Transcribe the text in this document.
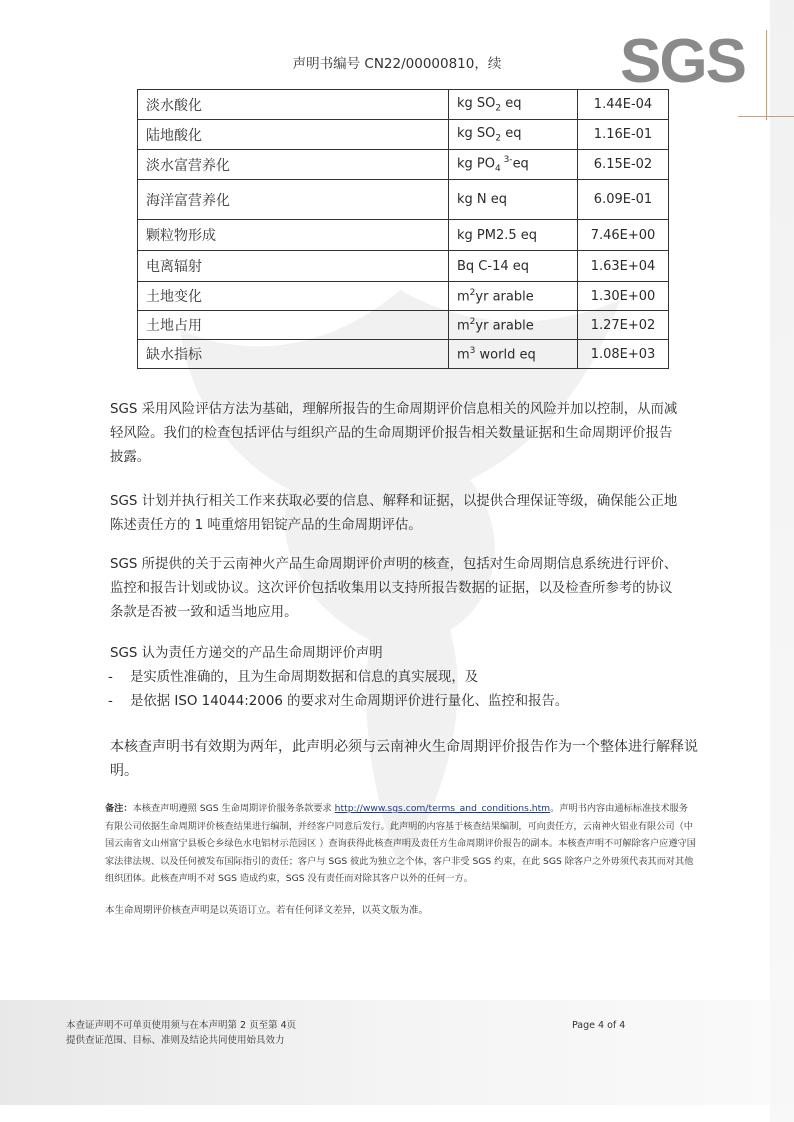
SGS
声明书编号 CN22/00000810，续
淡水酸化	kg $SO_2$ eq	1.44E-04
陆地酸化	kg $SO_2$ eq	1.16E-01
淡水富营养化	kg $PO_4$ $^{3-}$eq	6.15E-02
海洋富营养化	kg N eq	6.09E-01
颗粒物形成	kg PM2.5 eq	7.46E+00
电离辐射	Bq C-14 eq	1.63E+04
土地变化	$m^2yr$ arable	1.30E+00
土地占用	$m^2yr$ arable	1.27E+02
缺水指标	$m^3$ world eq	1.08E+03
SGS 采用风险评估方法为基础，理解所报告的生命周期评价信息相关的风险并加以控制，从而减
轻风险。我们的检查包括评估与组织产品的生命周期评价报告相关数量证据和生命周期评价报告
披露。
SGS 计划并执行相关工作来获取必要的信息、解释和证据，以提供合理保证等级，确保能公正地
陈述责任方的 1 吨重熔用铝锭产品的生命周期评估。
SGS 所提供的关于云南神火产品生命周期评价声明的核查，包括对生命周期信息系统进行评价、
监控和报告计划或协议。这次评价包括收集用以支持所报告数据的证据，以及检查所参考的协议
条款是否被一致和适当地应用。
SGS 认为责任方递交的产品生命周期评价声明
- 是实质性准确的，且为生命周期数据和信息的真实展现，及
- 是依据 ISO 14044:2006 的要求对生命周期评价进行量化、监控和报告。
本核查声明书有效期为两年，此声明必须与云南神火生命周期评价报告作为一个整体进行解释说
明。
备注：本核查声明遵照 SGS 生命周期评价服务条款要求 http://www.sgs.com/terms_and_conditions.htm。声明书内容由通标标准技术服务有限公司依据生命周期评价核查结果进行编制，并经客户同意后发行。此声明的内容基于核查结果编制，可向责任方，云南神火铝业有限公司（中国云南省文山州富宁县板仑乡绿色水电铝材示范园区 ）查询获得此核查声明及责任方生命周期评价报告的副本。本核查声明不可解除客户应遵守国家法律法规、以及任何被发布国际指引的责任；客户与 SGS 彼此为独立之个体，客户非受 SGS 约束，在此 SGS 除客户之外毋须代表其而对其他组织团体。此核查声明不对 SGS 造成约束，SGS 没有责任而对除其客户以外的任何一方。
本生命周期评价核查声明是以英语订立。若有任何译文差异，以英文版为准。
本查证声明不可单页使用须与在本声明第 2 页至第 4页
提供查证范围、目标、准则及结论共同使用始具效力
Page 4 of 4
